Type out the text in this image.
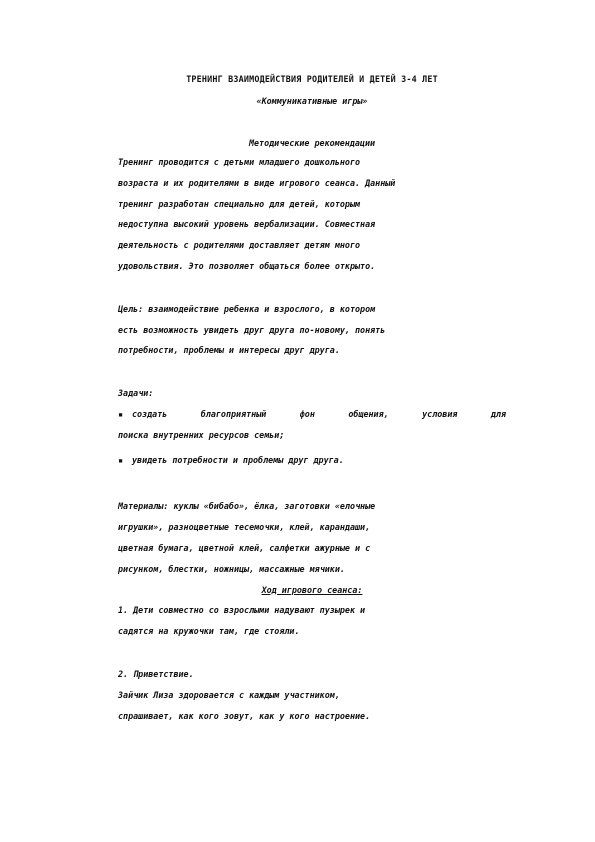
ТРЕНИНГ ВЗАИМОДЕЙСТВИЯ РОДИТЕЛЕЙ И ДЕТЕЙ 3-4 ЛЕТ

«Коммуникативные игры»

Методические рекомендации

Тренинг проводится с детьми младшего дошкольного

возраста и их родителями в виде игрового сеанса. Данный

тренинг разработан специально для детей, которым

недоступна высокий уровень вербализации. Совместная

деятельность с родителями доставляет детям много

удовольствия. Это позволяет общаться более открыто.

Цель: взаимодействие ребенка и взрослого, в котором

есть возможность увидеть друг друга по-новому, понять

потребности, проблемы и интересы друг друга.

Задачи:

▪ создать благоприятный фон общения, условия для
поиска внутренних ресурсов семьи;
▪ увидеть потребности и проблемы друг друга.

Материалы: куклы «бибабо», ёлка, заготовки «елочные

игрушки», разноцветные тесемочки, клей, карандаши,

цветная бумага, цветной клей, салфетки ажурные и с

рисунком, блестки, ножницы, массажные мячики.

Ход игрового сеанса:

1. Дети совместно со взрослыми надувают пузырек и

садятся на кружочки там, где стояли.

2. Приветствие.

Зайчик Лиза здоровается с каждым участником,

спрашивает, как кого зовут, как у кого настроение.
